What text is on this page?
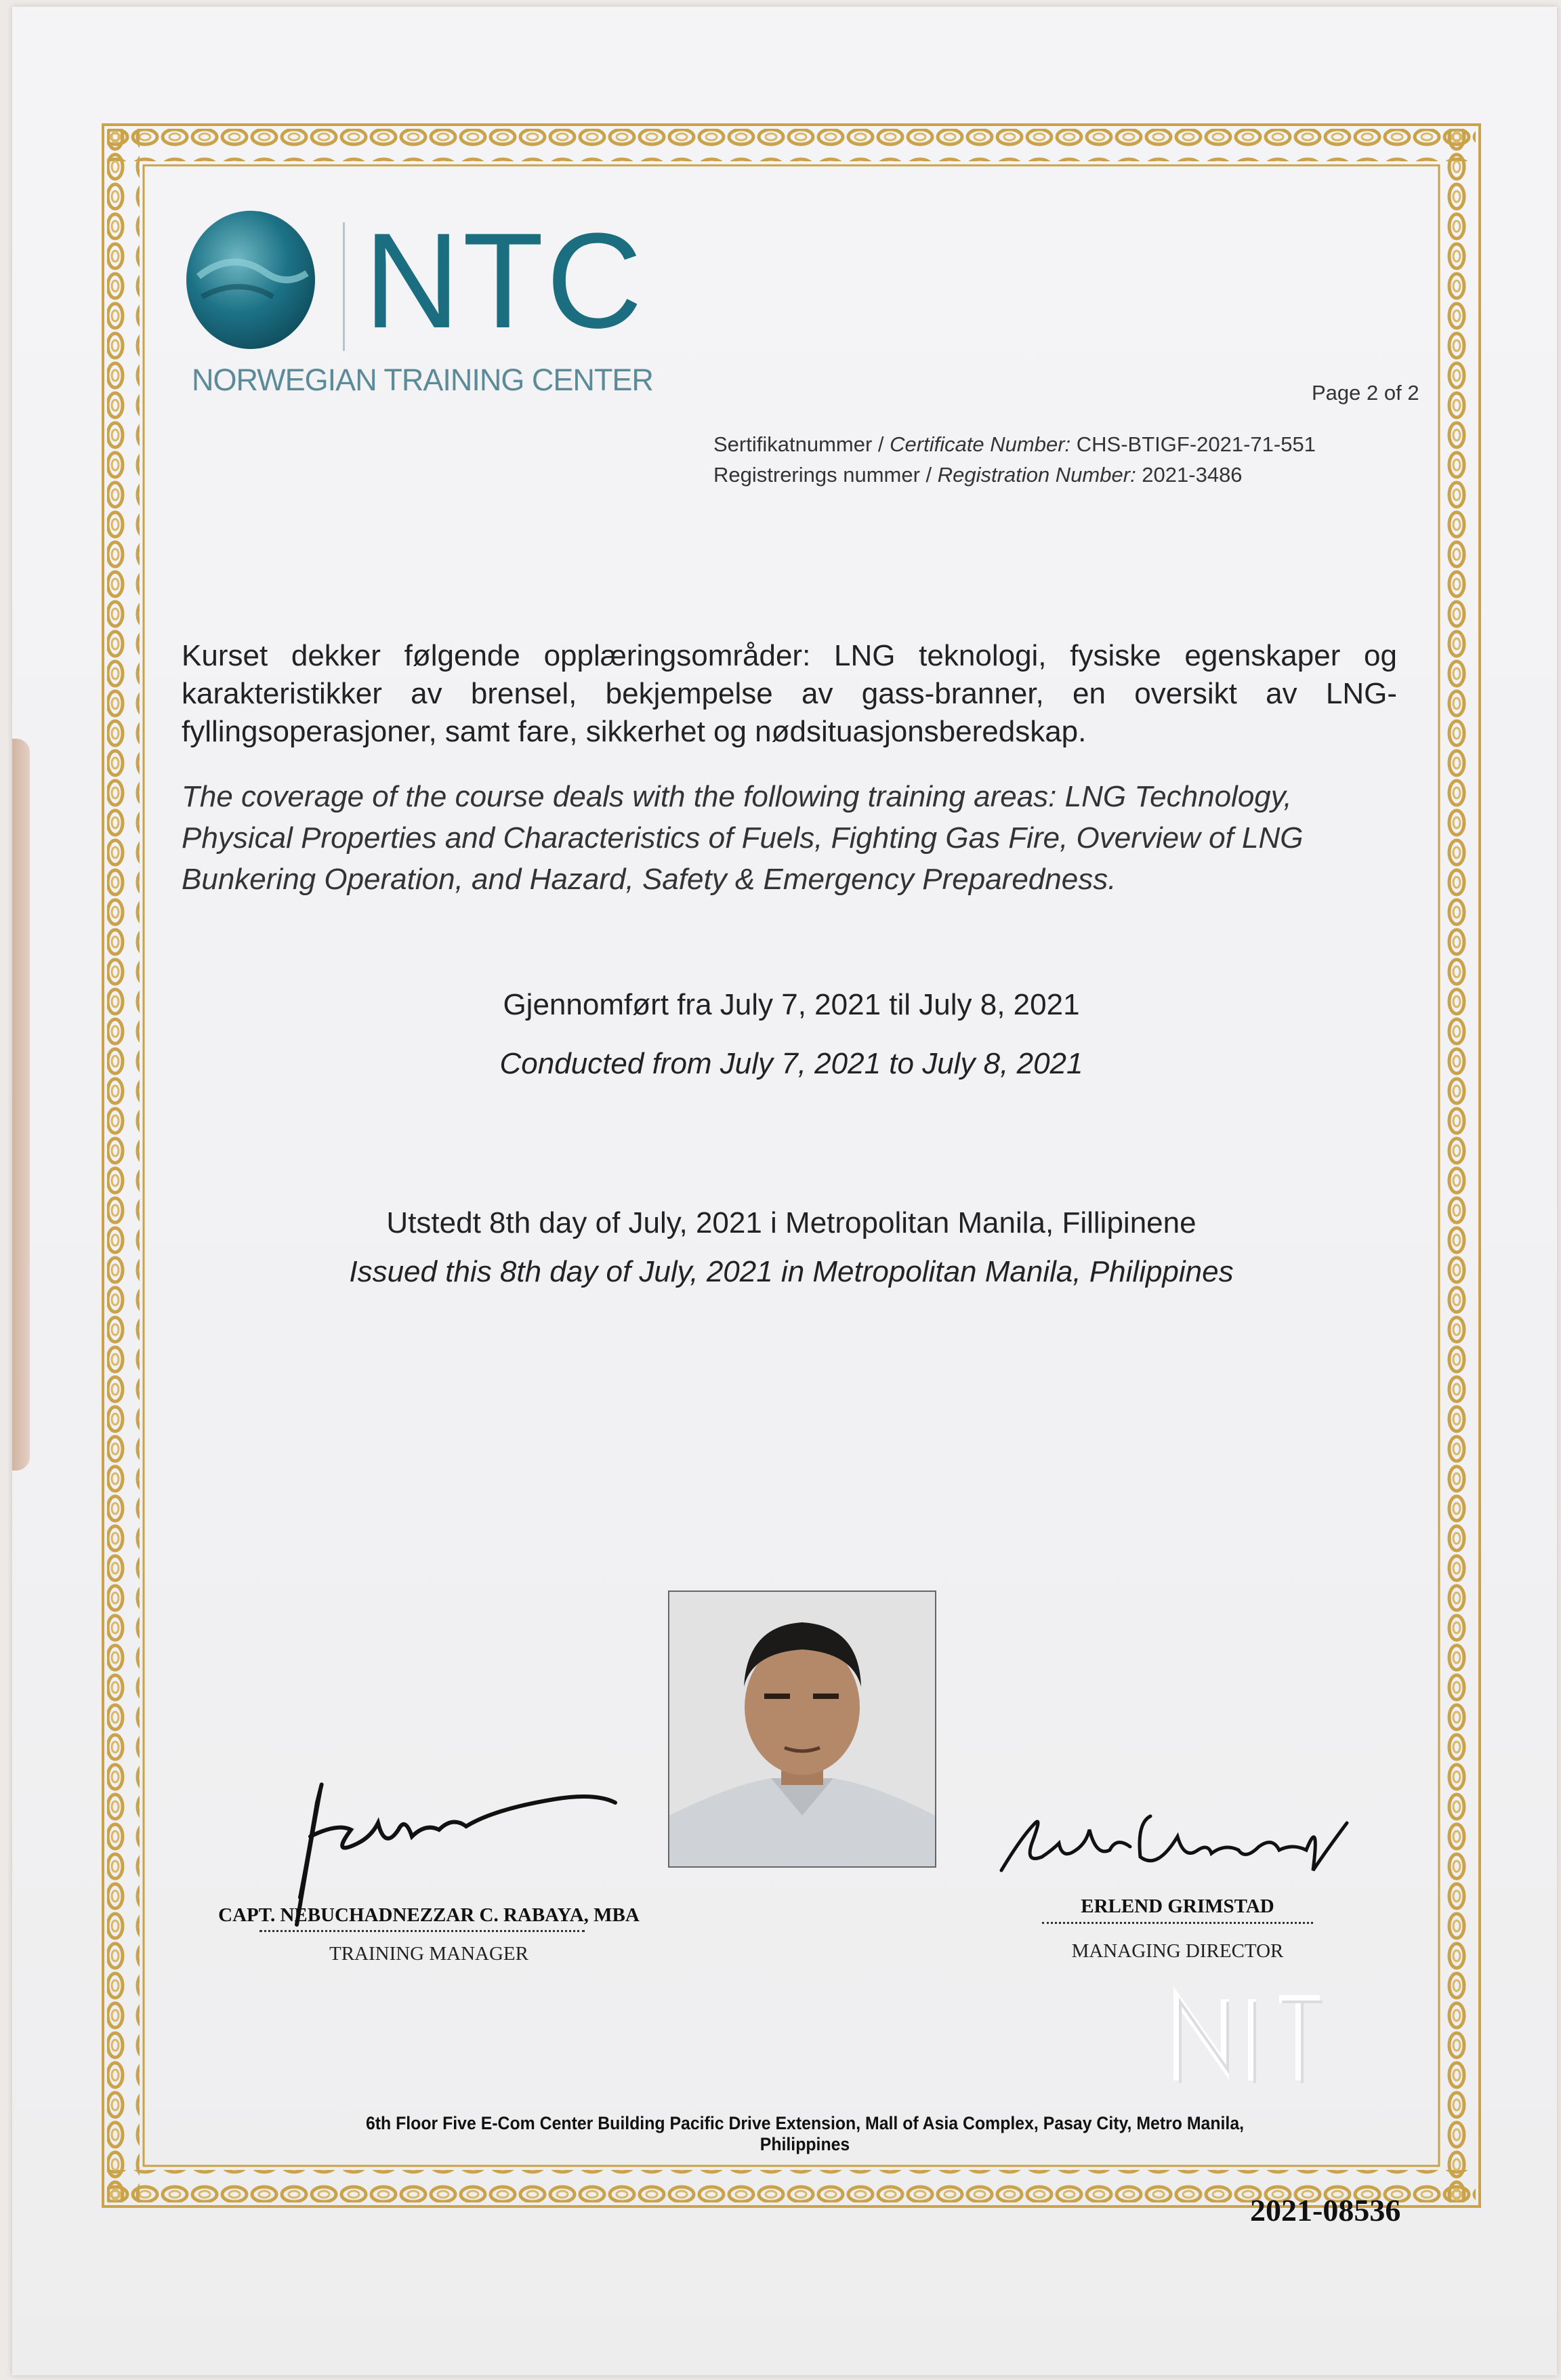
NTC
NORWEGIAN TRAINING CENTER	Page 2 of 2
Sertifikatnummer / Certificate Number: CHS-BTIGF-2021-71-551
Registrerings nummer / Registration Number: 2021-3486
Kurset dekker følgende opplæringsområder: LNG teknologi, fysiske egenskaper og karakteristikker av brensel, bekjempelse av gass-branner, en oversikt av LNG-fyllingsoperasjoner, samt fare, sikkerhet og nødsituasjonsberedskap.
The coverage of the course deals with the following training areas: LNG Technology, Physical Properties and Characteristics of Fuels, Fighting Gas Fire, Overview of LNG Bunkering Operation, and Hazard, Safety & Emergency Preparedness.
Gjennomført fra July 7, 2021 til July 8, 2021
Conducted from July 7, 2021 to July 8, 2021
Utstedt 8th day of July, 2021 i Metropolitan Manila, Fillipinene
Issued this 8th day of July, 2021 in Metropolitan Manila, Philippines
CAPT. NEBUCHADNEZZAR C. RABAYA, MBA
TRAINING MANAGER
ERLEND GRIMSTAD
MANAGING DIRECTOR
6th Floor Five E-Com Center Building Pacific Drive Extension, Mall of Asia Complex, Pasay City, Metro Manila, Philippines
2021-08536
